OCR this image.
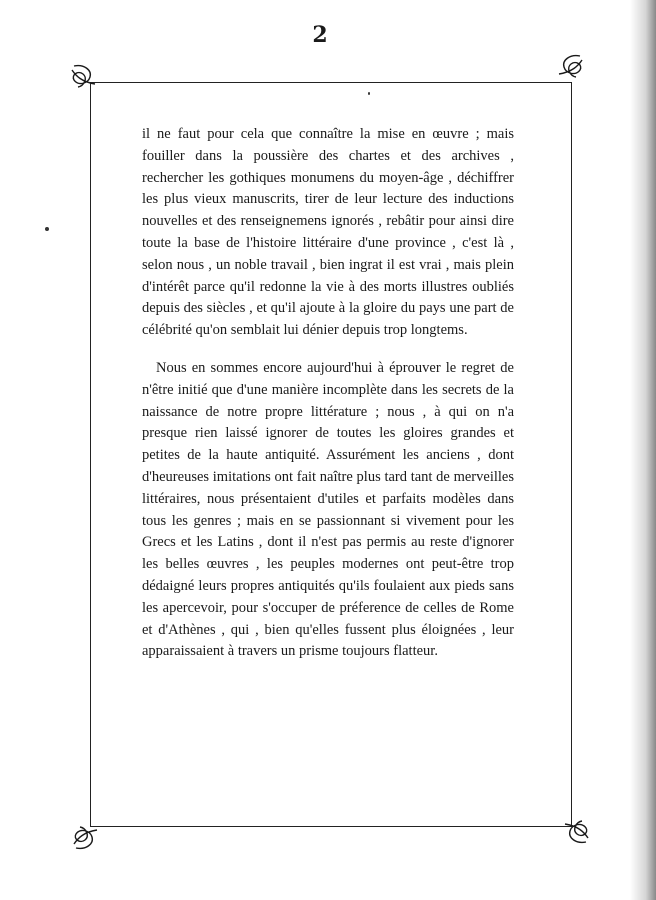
2

il ne faut pour cela que connaître la mise en œuvre ; mais fouiller dans la poussière des chartes et des archives , rechercher les gothiques monumens du moyen-âge , déchiffrer les plus vieux manuscrits, tirer de leur lecture des inductions nouvelles et des renseignemens ignorés , rebâtir pour ainsi dire toute la base de l'histoire littéraire d'une province , c'est là , selon nous , un noble travail , bien ingrat il est vrai , mais plein d'intérêt parce qu'il redonne la vie à des morts illustres oubliés depuis des siècles , et qu'il ajoute à la gloire du pays une part de célébrité qu'on semblait lui dénier depuis trop longtems.

Nous en sommes encore aujourd'hui à éprouver le regret de n'être initié que d'une manière incomplète dans les secrets de la naissance de notre propre littérature ; nous , à qui on n'a presque rien laissé ignorer de toutes les gloires grandes et petites de la haute antiquité. Assurément les anciens , dont d'heureuses imitations ont fait naître plus tard tant de merveilles littéraires, nous présentaient d'utiles et parfaits modèles dans tous les genres ; mais en se passionnant si vivement pour les Grecs et les Latins , dont il n'est pas permis au reste d'ignorer les belles œuvres , les peuples modernes ont peut-être trop dédaigné leurs propres antiquités qu'ils foulaient aux pieds sans les apercevoir, pour s'occuper de préference de celles de Rome et d'Athènes , qui , bien qu'elles fussent plus éloignées , leur apparaissaient à travers un prisme toujours flatteur.
